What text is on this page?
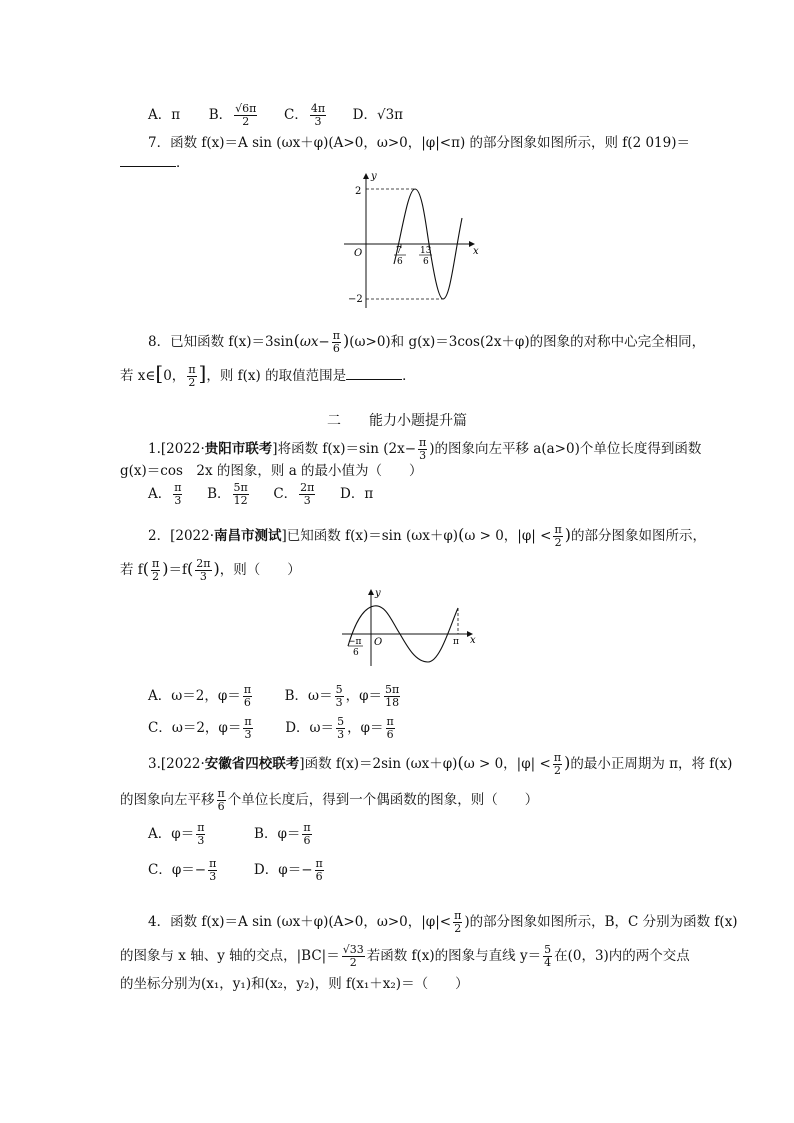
A．π B． $\frac{√6\pi}{2}$ C． $\frac{4\pi}{3}$ D．√3π
7．函数 f(x)＝A sin (ωx＋φ)(A>0，ω>0，|φ|<π) 的部分图象如图所示，则 f(2 019)＝
．
y
x
O
2
−2
7
6
13
6
8．已知函数 $f(x)=3\sin(\omega x- \frac{\pi}{6} )(\omega>0)$和 g(x)＝3cos(2x＋φ)的图象的对称中心完全相同，
若 x∈[0， $\frac{\pi}{2}$ ]，则 f(x) 的取值范围是	．
二　　能力小题提升篇
1.[2022·贵阳市联考]将函数 f(x)＝sin ($2x- \frac{\pi}{3}$ )的图象向左平移 a(a>0)个单位长度得到函数
g(x)＝cos　2x 的图象，则 a 的最小值为（　　）
A． $\frac{\pi}{3}$ B． $\frac{5\pi}{12}$ C． $\frac{2\pi}{3}$ D．π
2．[2022·南昌市测试]已知函数 f(x)＝sin (ωx＋φ)(ω > 0，$|\varphi| < \frac{\pi}{2}$ )的部分图象如图所示，
若 $f( \frac{\pi}{2} )=f( \frac{2\pi}{3}$ )，则（　　）
y
x
O
−π
6
π
A．ω＝2，$\varphi= \frac{\pi}{6}$ B．$\omega= \frac{5}{3}$ ，$\varphi= \frac{5\pi}{18}$
C．ω＝2，$\varphi= \frac{\pi}{3}$ D．$\omega= \frac{5}{3}$ ，$\varphi= \frac{\pi}{6}$
3.[2022·安徽省四校联考]函数 f(x)＝2sin (ωx＋φ)(ω > 0，$|\varphi| < \frac{\pi}{2}$ )的最小正周期为 π，将 f(x)
的图象向左平移 $\frac{\pi}{6}$ 个单位长度后，得到一个偶函数的图象，则（　　）
A．$\varphi= \frac{\pi}{3}$	B．$\varphi= \frac{\pi}{6}$
C．$\varphi=- \frac{\pi}{3}$	D．$\varphi=- \frac{\pi}{6}$
4．函数 f(x)＝A sin (ωx＋φ)(A>0，ω>0，$|\varphi|< \frac{\pi}{2}$ )的部分图象如图所示，B，C 分别为函数 f(x)
的图象与 x 轴、y 轴的交点，$|BC|= \frac{√33}{2}$ 若函数 f(x)的图象与直线 $y= \frac{5}{4}$ 在(0，3)内的两个交点
的坐标分别为(x₁，y₁)和(x₂，y₂)，则 f(x₁＋x₂)＝（　　）
